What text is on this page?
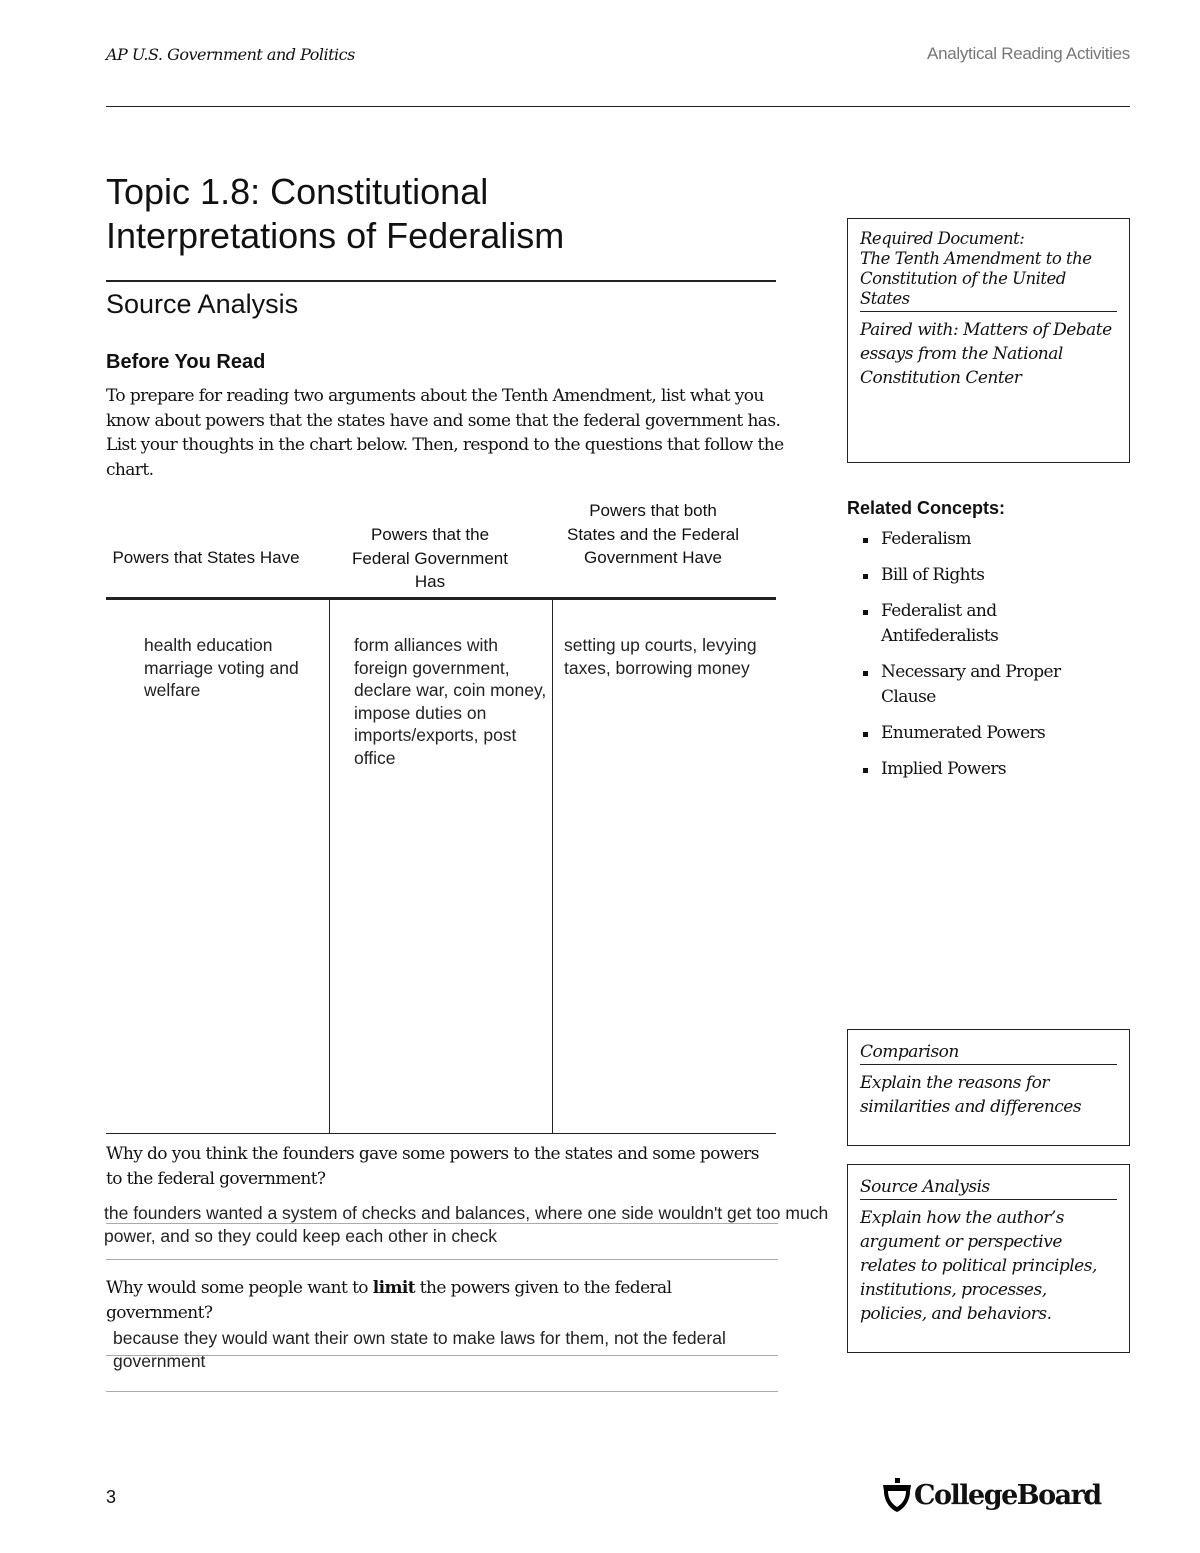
AP U.S. Government and Politics	Analytical Reading Activities
Topic 1.8: Constitutional
Interpretations of Federalism
Source Analysis
Before You Read
To prepare for reading two arguments about the Tenth Amendment, list what you know about powers that the states have and some that the federal government has. List your thoughts in the chart below. Then, respond to the questions that follow the chart.
Powers that States Have
Powers that the Federal Government Has
Powers that both States and the Federal Government Have
health education marriage voting and welfare
form alliances with foreign government, declare war, coin money, impose duties on imports/exports, post office
setting up courts, levying taxes, borrowing money
Why do you think the founders gave some powers to the states and some powers to the federal government?
the founders wanted a system of checks and balances, where one side wouldn't get too much power, and so they could keep each other in check
Why would some people want to limit the powers given to the federal government?
because they would want their own state to make laws for them, not the federal government
Required Document:
The Tenth Amendment to the Constitution of the United States
Paired with: Matters of Debate essays from the National Constitution Center
Related Concepts:
Federalism
Bill of Rights
Federalist and Antifederalists
Necessary and Proper Clause
Enumerated Powers
Implied Powers
Comparison
Explain the reasons for similarities and differences
Source Analysis
Explain how the author’s argument or perspective relates to political principles, institutions, processes, policies, and behaviors.
3	CollegeBoard
